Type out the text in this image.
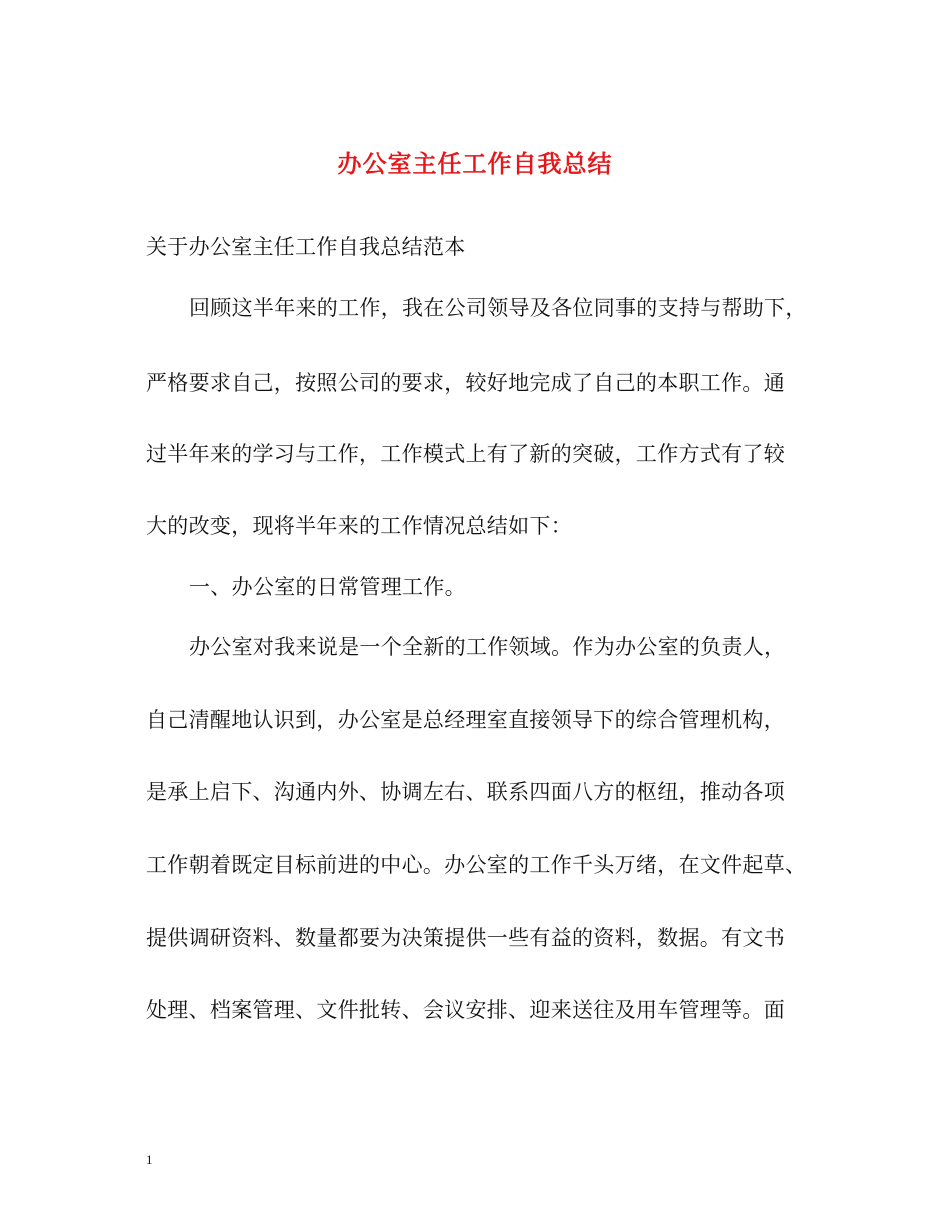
办公室主任工作自我总结
关于办公室主任工作自我总结范本
回顾这半年来的工作，我在公司领导及各位同事的支持与帮助下，
严格要求自己，按照公司的要求，较好地完成了自己的本职工作。通
过半年来的学习与工作，工作模式上有了新的突破，工作方式有了较
大的改变，现将半年来的工作情况总结如下：
一、办公室的日常管理工作。
办公室对我来说是一个全新的工作领域。作为办公室的负责人，
自己清醒地认识到，办公室是总经理室直接领导下的综合管理机构，
是承上启下、沟通内外、协调左右、联系四面八方的枢纽，推动各项
工作朝着既定目标前进的中心。办公室的工作千头万绪，在文件起草、
提供调研资料、数量都要为决策提供一些有益的资料，数据。有文书
处理、档案管理、文件批转、会议安排、迎来送往及用车管理等。面
1
